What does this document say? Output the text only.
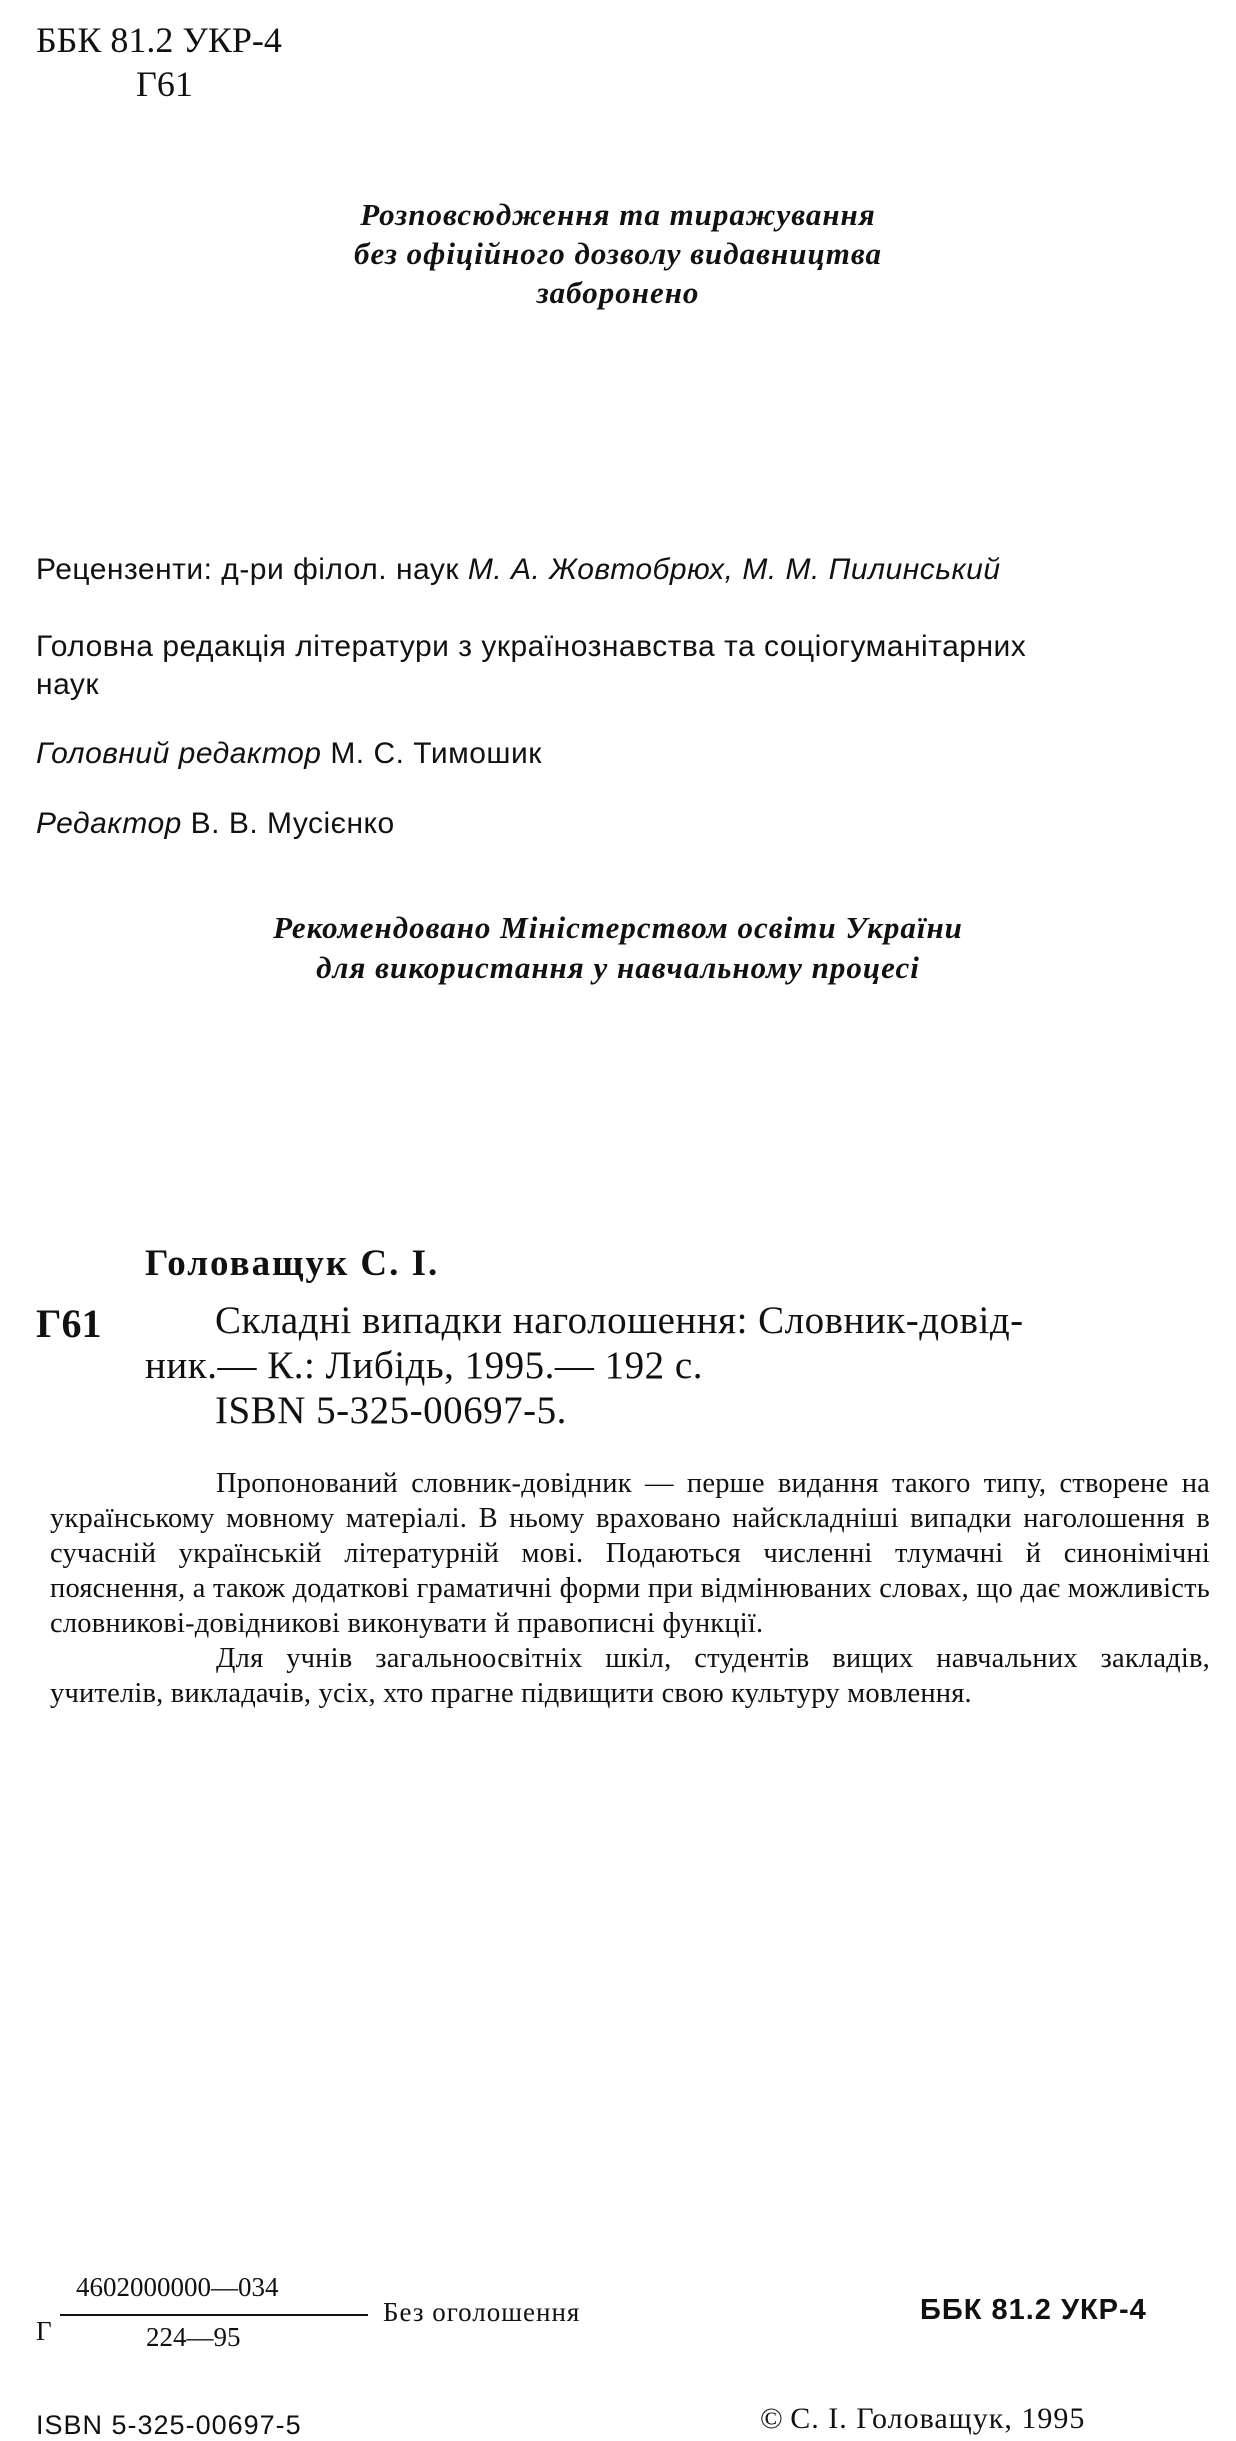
ББК 81.2 УКР-4
Г61
Розповсюдження та тиражування
без офіційного дозволу видавництва
заборонено
Рецензенти: д-ри філол. наук М. А. Жовтобрюх, М. М. Пилинський
Головна редакція літератури з українознавства та соціогуманітарних
наук
Головний редактор М. С. Тимошик
Редактор В. В. Мусієнко
Рекомендовано Міністерством освіти України
для використання у навчальному процесі
Головащук С. І.
Г61	Складні випадки наголошення: Словник-довід-
ник.— К.: Либідь, 1995.— 192 с.
ISBN 5-325-00697-5.

Пропонований словник-довідник — перше видання такого типу, створене на українському мовному матеріалі. В ньому враховано найскладніші випадки наголошення в сучасній українській літературній мові. Подаються численні тлумачні й синонімічні пояснення, а також додаткові граматичні форми при відмінюваних словах, що дає можливість словникові-довідникові виконувати й правописні функції.

Для учнів загальноосвітніх шкіл, студентів вищих навчальних закладів, учителів, викладачів, усіх, хто прагне підвищити свою культуру мовлення.

Г
4602000000—034
224—95
Без оголошення	ББК 81.2 УКР-4
ISBN 5-325-00697-5	© С. І. Головащук, 1995
